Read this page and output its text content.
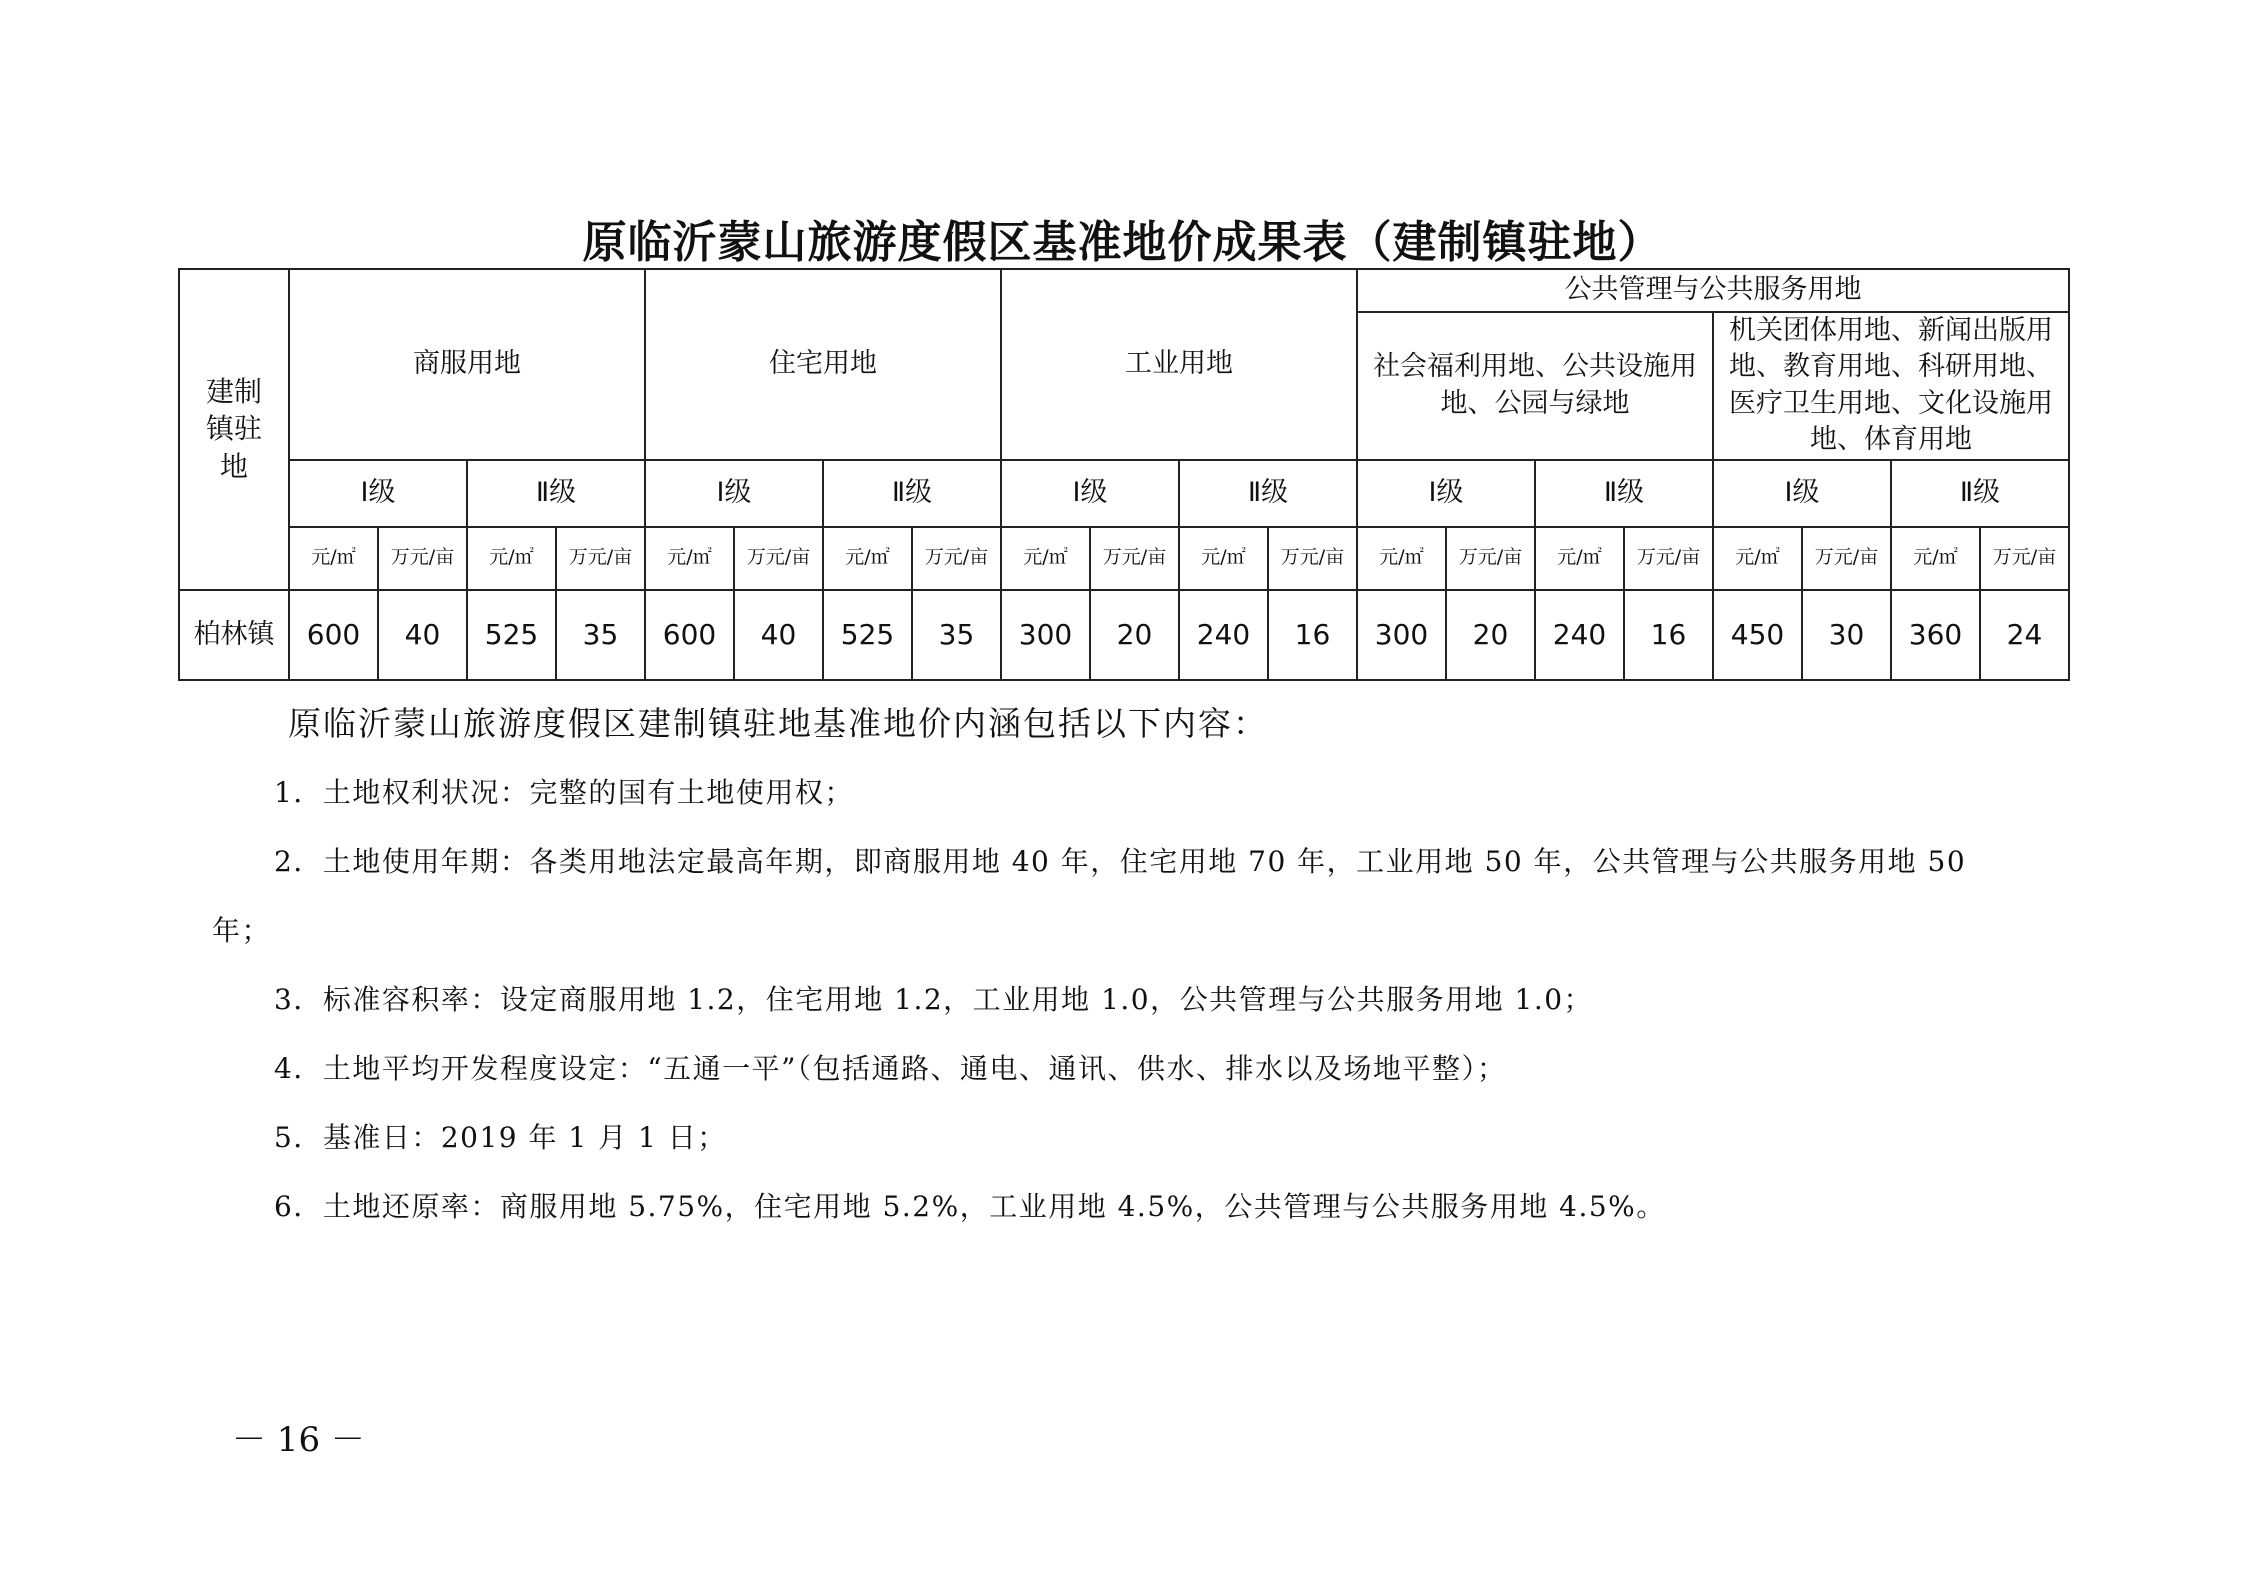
原临沂蒙山旅游度假区基准地价成果表（建制镇驻地）
建制镇驻地	商服用地				住宅用地				工业用地				公共管理与公共服务用地							
													社会福利用地、公共设施用地、公园与绿地				机关团体用地、新闻出版用地、教育用地、科研用地、医疗卫生用地、文化设施用地、体育用地			
	Ⅰ级		Ⅱ级		Ⅰ级		Ⅱ级		Ⅰ级		Ⅱ级		Ⅰ级		Ⅱ级		Ⅰ级		Ⅱ级	
	元/㎡	万元/亩	元/㎡	万元/亩	元/㎡	万元/亩	元/㎡	万元/亩	元/㎡	万元/亩	元/㎡	万元/亩	元/㎡	万元/亩	元/㎡	万元/亩	元/㎡	万元/亩	元/㎡	万元/亩
柏林镇	600	40	525	35	600	40	525	35	300	20	240	16	300	20	240	16	450	30	360	24
原临沂蒙山旅游度假区建制镇驻地基准地价内涵包括以下内容：
1．土地权利状况：完整的国有土地使用权；
2．土地使用年期：各类用地法定最高年期，即商服用地 40 年，住宅用地 70 年，工业用地 50 年，公共管理与公共服务用地 50
年；
3．标准容积率：设定商服用地 1.2，住宅用地 1.2，工业用地 1.0，公共管理与公共服务用地 1.0；
4．土地平均开发程度设定：“五通一平”（包括通路、通电、通讯、供水、排水以及场地平整）；
5．基准日：2019 年 1 月 1 日；
6．土地还原率：商服用地 5.75%，住宅用地 5.2%，工业用地 4.5%，公共管理与公共服务用地 4.5%。
－ 16 －
